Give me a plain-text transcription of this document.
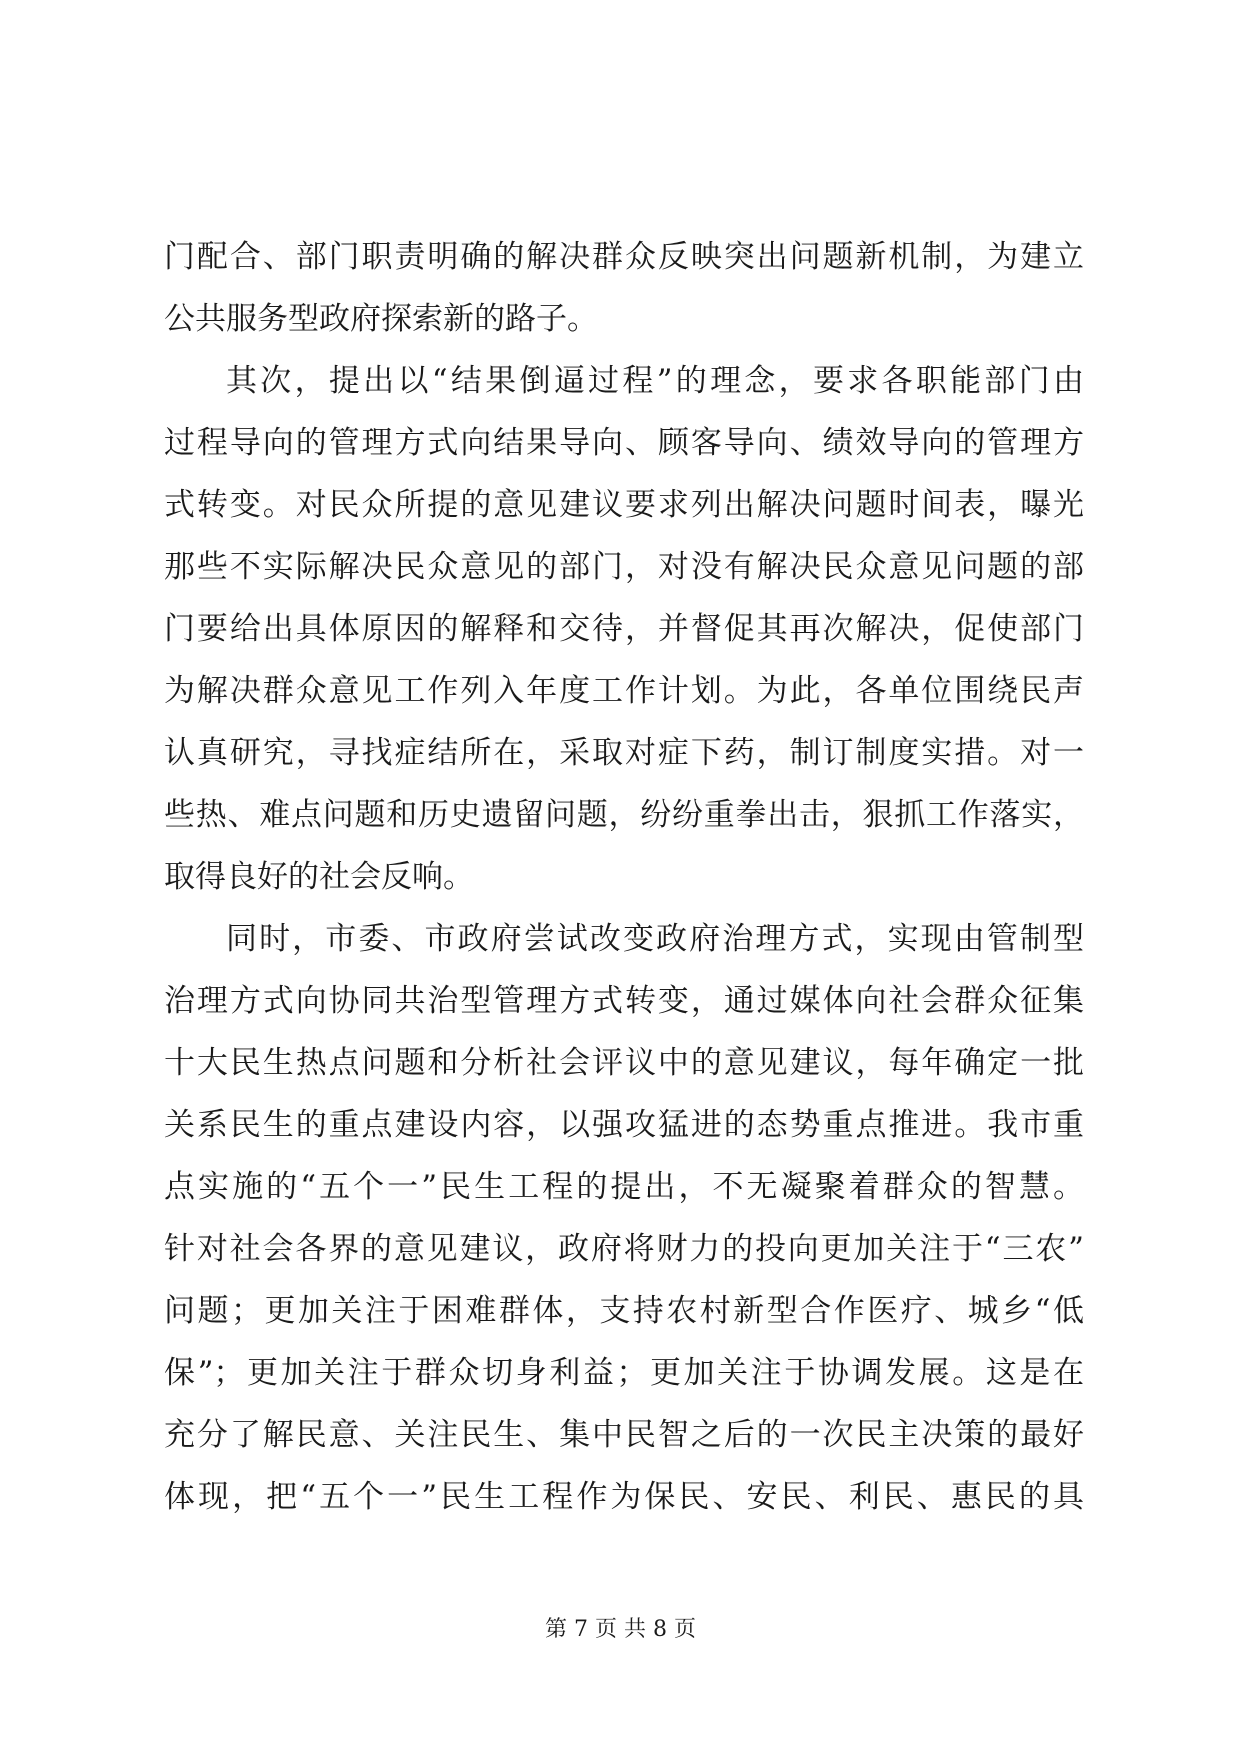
门配合、部门职责明确的解决群众反映突出问题新机制，为建立
公共服务型政府探索新的路子。
其次，提出以“结果倒逼过程”的理念，要求各职能部门由
过程导向的管理方式向结果导向、顾客导向、绩效导向的管理方
式转变。对民众所提的意见建议要求列出解决问题时间表，曝光
那些不实际解决民众意见的部门，对没有解决民众意见问题的部
门要给出具体原因的解释和交待，并督促其再次解决，促使部门
为解决群众意见工作列入年度工作计划。为此，各单位围绕民声
认真研究，寻找症结所在，采取对症下药，制订制度实措。对一
些热、难点问题和历史遗留问题，纷纷重拳出击，狠抓工作落实，
取得良好的社会反响。
同时，市委、市政府尝试改变政府治理方式，实现由管制型
治理方式向协同共治型管理方式转变，通过媒体向社会群众征集
十大民生热点问题和分析社会评议中的意见建议，每年确定一批
关系民生的重点建设内容，以强攻猛进的态势重点推进。我市重
点实施的“五个一”民生工程的提出，不无凝聚着群众的智慧。
针对社会各界的意见建议，政府将财力的投向更加关注于“三农”
问题；更加关注于困难群体，支持农村新型合作医疗、城乡“低
保”；更加关注于群众切身利益；更加关注于协调发展。这是在
充分了解民意、关注民生、集中民智之后的一次民主决策的最好
体现，把“五个一”民生工程作为保民、安民、利民、惠民的具
第 7 页 共 8 页
